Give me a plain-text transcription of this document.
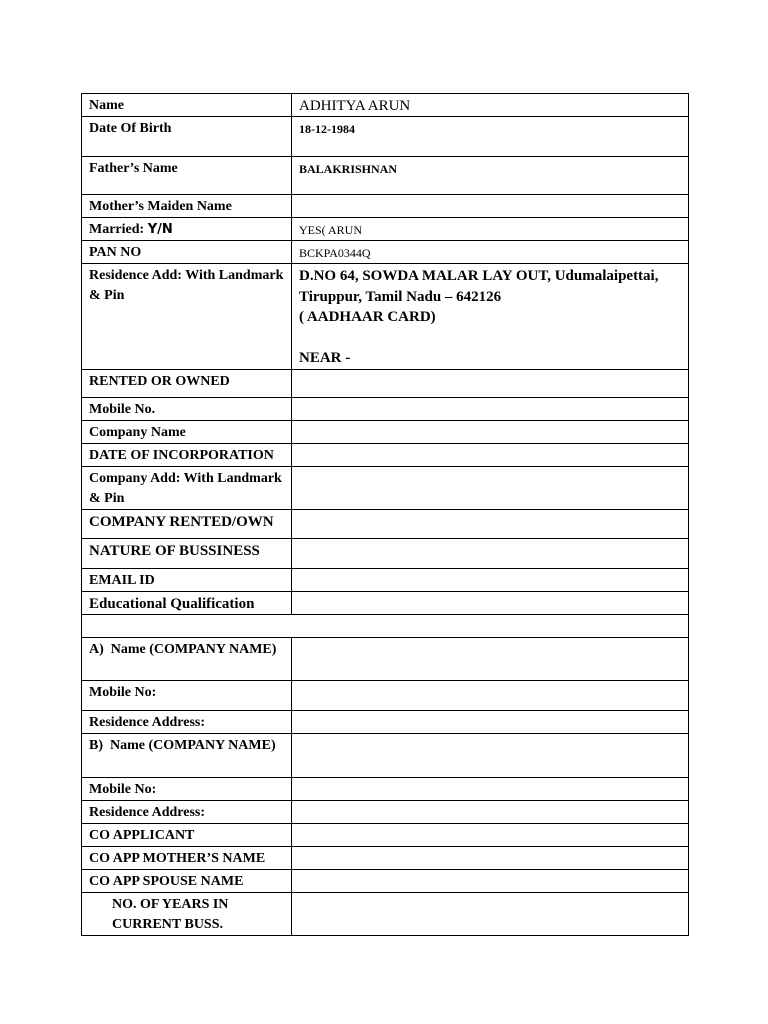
Name	ADHITYA ARUN
Date Of Birth	18-12-1984
Father’s Name	BALAKRISHNAN
Mother’s Maiden Name	
Married: Y/N	YES( ARUN
PAN NO	BCKPA0344Q
Residence Add: With Landmark & Pin	D.NO 64, SOWDA MALAR LAY OUT, Udumalaipettai,
Tiruppur, Tamil Nadu – 642126
( AADHAAR CARD)
NEAR -

RENTED OR OWNED	
Mobile No.	
Company Name	
DATE OF INCORPORATION	
Company Add: With Landmark & Pin	
COMPANY RENTED/OWN	
NATURE OF BUSSINESS	
EMAIL ID	
Educational Qualification	

A) Name (COMPANY NAME)	
Mobile No:	
Residence Address:	
B) Name (COMPANY NAME)	
Mobile No:	
Residence Address:	
CO APPLICANT	
CO APP MOTHER’S NAME	
CO APP SPOUSE NAME	
NO. OF YEARS IN CURRENT BUSS.	
